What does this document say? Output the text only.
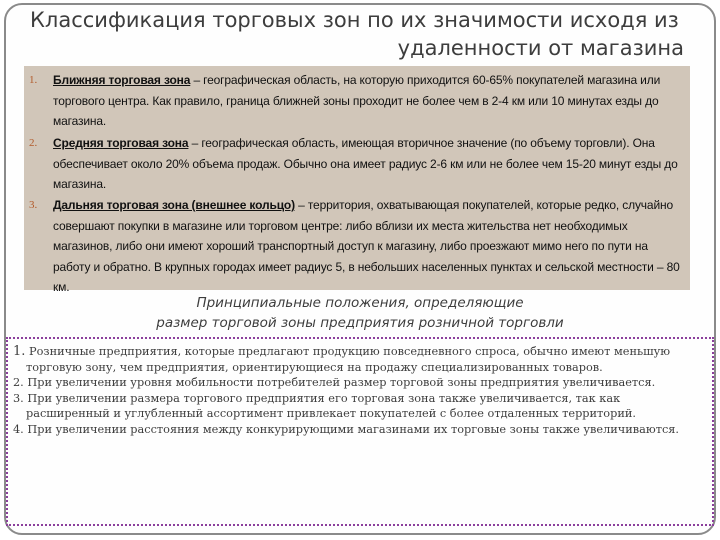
Классификация торговых зон по их значимости исходя из
удаленности от магазина
1. Ближняя торговая зона – географическая область, на которую приходится 60-65% покупателей магазина или торгового центра. Как правило, граница ближней зоны проходит не более чем в 2-4 км или 10 минутах езды до магазина.
2. Средняя торговая зона – географическая область, имеющая вторичное значение (по объему торговли). Она обеспечивает около 20% объема продаж. Обычно она имеет радиус 2-6 км или не более чем 15-20 минут езды до магазина.
3. Дальняя торговая зона (внешнее кольцо) – территория, охватывающая покупателей, которые редко, случайно совершают покупки в магазине или торговом центре: либо вблизи их места жительства нет необходимых магазинов, либо они имеют хороший транспортный доступ к магазину, либо проезжают мимо него по пути на работу и обратно. В крупных городах имеет радиус 5, в небольших населенных пунктах и сельской местности – 80 км.
Принципиальные положения, определяющие
размер торговой зоны предприятия розничной торговли

1. Розничные предприятия, которые предлагают продукцию повседневного спроса, обычно имеют меньшую торговую зону, чем предприятия, ориентирующиеся на продажу специализированных товаров.

2. При увеличении уровня мобильности потребителей размер торговой зоны предприятия увеличивается.

3. При увеличении размера торгового предприятия его торговая зона также увеличивается, так как расширенный и углубленный ассортимент привлекает покупателей с более отдаленных территорий.

4. При увеличении расстояния между конкурирующими магазинами их торговые зоны также увеличиваются.
